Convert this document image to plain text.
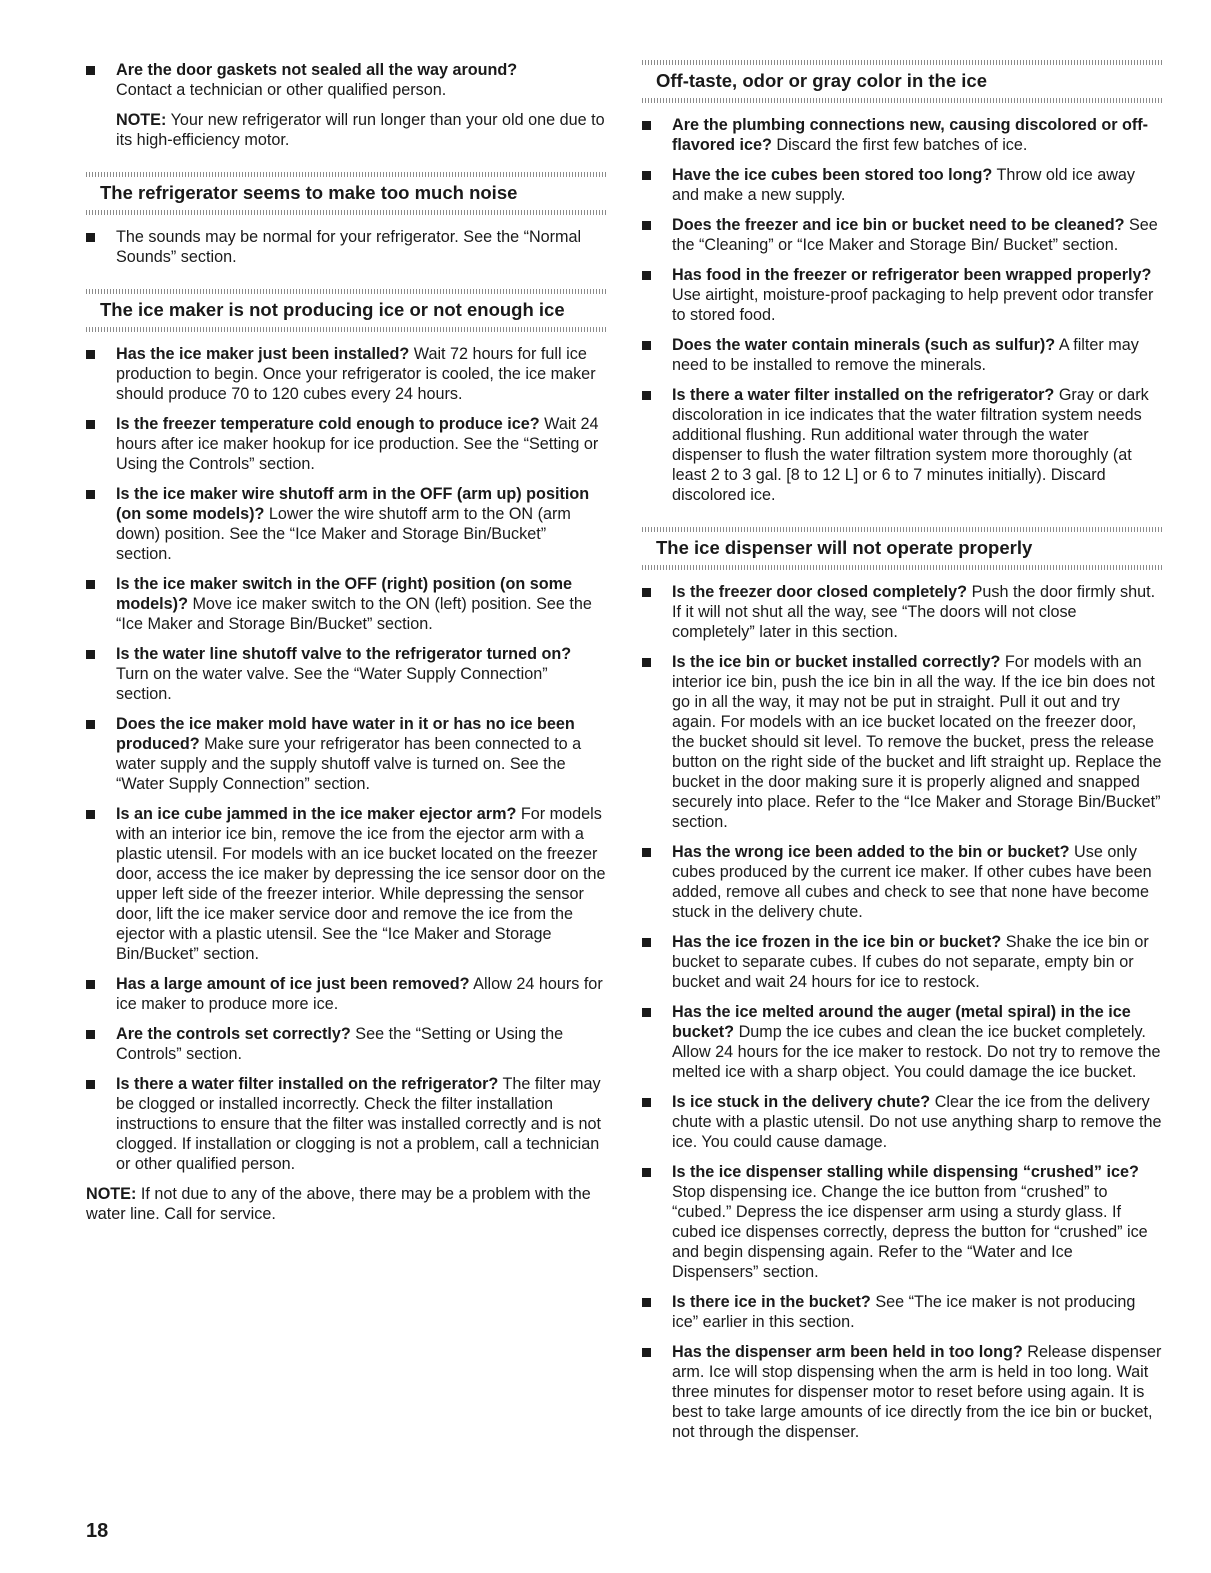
Are the door gaskets not sealed all the way around?
Contact a technician or other qualified person.
NOTE: Your new refrigerator will run longer than your old one due to its high-efficiency motor.
The refrigerator seems to make too much noise
The sounds may be normal for your refrigerator. See the “Normal Sounds” section.
The ice maker is not producing ice or not enough ice
Has the ice maker just been installed? Wait 72 hours for full ice production to begin. Once your refrigerator is cooled, the ice maker should produce 70 to 120 cubes every 24 hours.
Is the freezer temperature cold enough to produce ice? Wait 24 hours after ice maker hookup for ice production. See the “Setting or Using the Controls” section.
Is the ice maker wire shutoff arm in the OFF (arm up) position (on some models)? Lower the wire shutoff arm to the ON (arm down) position. See the “Ice Maker and Storage Bin/Bucket” section.
Is the ice maker switch in the OFF (right) position (on some models)? Move ice maker switch to the ON (left) position. See the “Ice Maker and Storage Bin/Bucket” section.
Is the water line shutoff valve to the refrigerator turned on? Turn on the water valve. See the “Water Supply Connection” section.
Does the ice maker mold have water in it or has no ice been produced? Make sure your refrigerator has been connected to a water supply and the supply shutoff valve is turned on. See the “Water Supply Connection” section.
Is an ice cube jammed in the ice maker ejector arm? For models with an interior ice bin, remove the ice from the ejector arm with a plastic utensil. For models with an ice bucket located on the freezer door, access the ice maker by depressing the ice sensor door on the upper left side of the freezer interior. While depressing the sensor door, lift the ice maker service door and remove the ice from the ejector with a plastic utensil. See the “Ice Maker and Storage Bin/Bucket” section.
Has a large amount of ice just been removed? Allow 24 hours for ice maker to produce more ice.
Are the controls set correctly? See the “Setting or Using the Controls” section.
Is there a water filter installed on the refrigerator? The filter may be clogged or installed incorrectly. Check the filter installation instructions to ensure that the filter was installed correctly and is not clogged. If installation or clogging is not a problem, call a technician or other qualified person.
NOTE: If not due to any of the above, there may be a problem with the water line. Call for service.
Off-taste, odor or gray color in the ice
Are the plumbing connections new, causing discolored or off-flavored ice? Discard the first few batches of ice.
Have the ice cubes been stored too long? Throw old ice away and make a new supply.
Does the freezer and ice bin or bucket need to be cleaned? See the “Cleaning” or “Ice Maker and Storage Bin/ Bucket” section.
Has food in the freezer or refrigerator been wrapped properly? Use airtight, moisture-proof packaging to help prevent odor transfer to stored food.
Does the water contain minerals (such as sulfur)? A filter may need to be installed to remove the minerals.
Is there a water filter installed on the refrigerator? Gray or dark discoloration in ice indicates that the water filtration system needs additional flushing. Run additional water through the water dispenser to flush the water filtration system more thoroughly (at least 2 to 3 gal. [8 to 12 L] or 6 to 7 minutes initially). Discard discolored ice.
The ice dispenser will not operate properly
Is the freezer door closed completely? Push the door firmly shut. If it will not shut all the way, see “The doors will not close completely” later in this section.
Is the ice bin or bucket installed correctly? For models with an interior ice bin, push the ice bin in all the way. If the ice bin does not go in all the way, it may not be put in straight. Pull it out and try again. For models with an ice bucket located on the freezer door, the bucket should sit level. To remove the bucket, press the release button on the right side of the bucket and lift straight up. Replace the bucket in the door making sure it is properly aligned and snapped securely into place. Refer to the “Ice Maker and Storage Bin/Bucket” section.
Has the wrong ice been added to the bin or bucket? Use only cubes produced by the current ice maker. If other cubes have been added, remove all cubes and check to see that none have become stuck in the delivery chute.
Has the ice frozen in the ice bin or bucket? Shake the ice bin or bucket to separate cubes. If cubes do not separate, empty bin or bucket and wait 24 hours for ice to restock.
Has the ice melted around the auger (metal spiral) in the ice bucket? Dump the ice cubes and clean the ice bucket completely. Allow 24 hours for the ice maker to restock. Do not try to remove the melted ice with a sharp object. You could damage the ice bucket.
Is ice stuck in the delivery chute? Clear the ice from the delivery chute with a plastic utensil. Do not use anything sharp to remove the ice. You could cause damage.
Is the ice dispenser stalling while dispensing “crushed” ice? Stop dispensing ice. Change the ice button from “crushed” to “cubed.” Depress the ice dispenser arm using a sturdy glass. If cubed ice dispenses correctly, depress the button for “crushed” ice and begin dispensing again. Refer to the “Water and Ice Dispensers” section.
Is there ice in the bucket? See “The ice maker is not producing ice” earlier in this section.
Has the dispenser arm been held in too long? Release dispenser arm. Ice will stop dispensing when the arm is held in too long. Wait three minutes for dispenser motor to reset before using again. It is best to take large amounts of ice directly from the ice bin or bucket, not through the dispenser.
18
